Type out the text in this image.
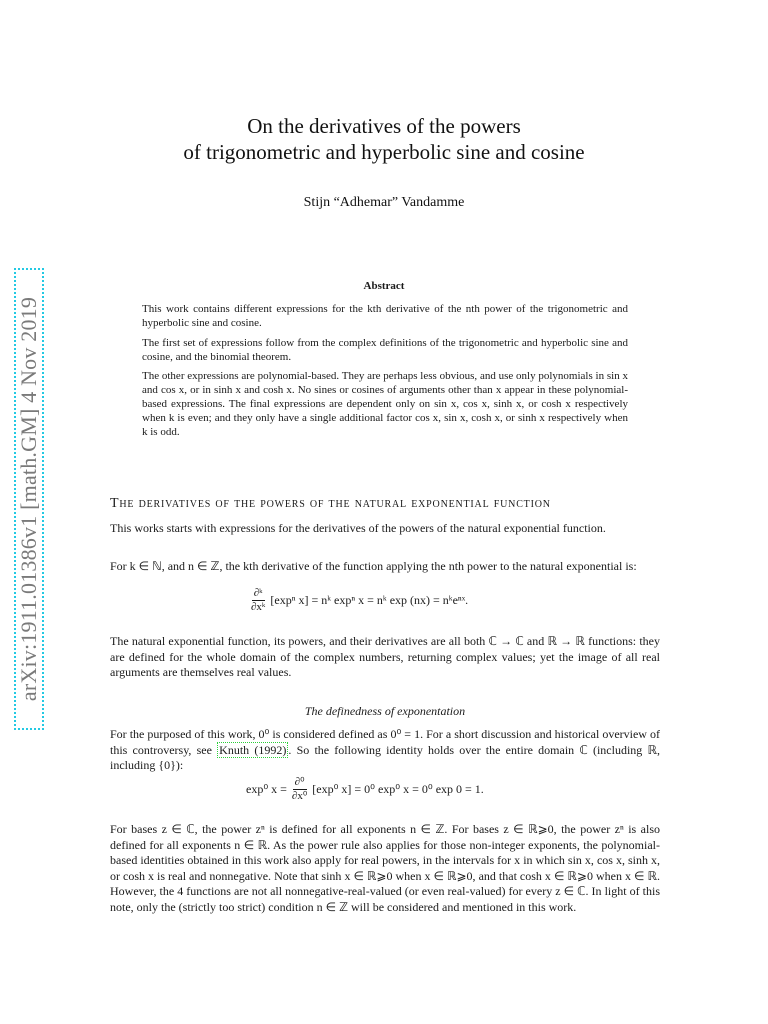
arXiv:1911.01386v1 [math.GM] 4 Nov 2019
On the derivatives of the powers
of trigonometric and hyperbolic sine and cosine
Stijn “Adhemar” Vandamme
Abstract

This work contains different expressions for the kth derivative of the nth power of the trigonometric and hyperbolic sine and cosine.

The first set of expressions follow from the complex definitions of the trigonometric and hyperbolic sine and cosine, and the binomial theorem.

The other expressions are polynomial-based. They are perhaps less obvious, and use only polynomials in sin x and cos x, or in sinh x and cosh x. No sines or cosines of arguments other than x appear in these polynomial-based expressions. The final expressions are dependent only on sin x, cos x, sinh x, or cosh x respectively when k is even; and they only have a single additional factor cos x, sin x, cosh x, or sinh x respectively when k is odd.

The derivatives of the powers of the natural exponential function

This works starts with expressions for the derivatives of the powers of the natural exponential function.

For k ∈ ℕ, and n ∈ ℤ, the kth derivative of the function applying the nth power to the natural exponential is:

$\frac{\text{∂ᵏ}}{\text{∂xᵏ}} [\exp^n$ x] = nᵏ expⁿ x = nᵏ exp (nx) = nᵏeⁿˣ.

The natural exponential function, its powers, and their derivatives are all both ℂ → ℂ and ℝ → ℝ functions: they are defined for the whole domain of the complex numbers, returning complex values; yet the image of all real arguments are themselves real values.

The definedness of exponentation

For the purposed of this work, 0⁰ is considered defined as 0⁰ = 1. For a short discussion and historical overview of this controversy, see Knuth (1992) . So the following identity holds over the entire domain ℂ (including ℝ, including {0}):

exp⁰ $x = \frac{\text{∂⁰}}{\text{∂x⁰}} [\exp^0$ x] = 0⁰ exp⁰ x = 0⁰ exp 0 = 1.

For bases z ∈ ℂ, the power zⁿ is defined for all exponents n ∈ ℤ. For bases z ∈ ℝ⩾0, the power zⁿ is also defined for all exponents n ∈ ℝ. As the power rule also applies for those non-integer exponents, the polynomial-based identities obtained in this work also apply for real powers, in the intervals for x in which sin x, cos x, sinh x, or cosh x is real and nonnegative. Note that sinh x ∈ ℝ⩾0 when x ∈ ℝ⩾0, and that cosh x ∈ ℝ⩾0 when x ∈ ℝ. However, the 4 functions are not all nonnegative-real-valued (or even real-valued) for every z ∈ ℂ. In light of this note, only the (strictly too strict) condition n ∈ ℤ will be considered and mentioned in this work.
